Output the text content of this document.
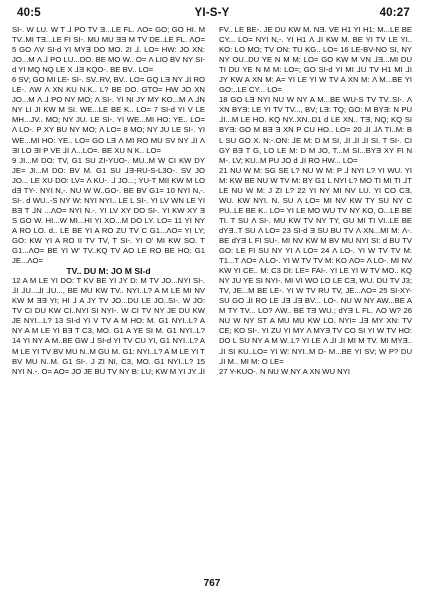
40:5	YI-S-Y	40:27

SI-. W LU. W T ⅃ PO TV Ǝ...LE FL. ΛO= GO; GO HI. M TV..MI TƎ...LE FI SI-. MU MU ƎƎ M TV DE..LE FL. ΛO= 5 GO ΛV SI-d YI MYƎ DO MO. 2I ⅃. LO= HW: JO XN: JO...M Λ ⅃ PO LU...DO. BE MO W.. O= Λ LIO BV NY SI-d YI MQ NQ LE X ⅃Ǝ KQO-. BE BV.. LO=

6 SV; GO MI LE- SI-. SV..RV, BV.. LO= GQ LƎ NY ⅃I RO LE-. ΛW Λ XN KU N.K.. L? BE DO. GTO= HW JO XN JO...M Λ ⅃ PO NY MO; Λ SI-. YI NI JY MY KO...M Λ ⅃N NY LI JI KW M SI. WE...LE BE K.. LO= 7 SI-d YI V LE MH...JV.. MO; NY JU. LE SI-. YI WE...MI HO: YE.. LO= Λ LO-. P XY BU NY MO; Λ LO= 8 MO; NY JU LE SI-. YI WE...MI HO: YE.. LO= GO LƎ Λ MI RO MU SV NY ⅃I Λ ƎI LO ƎI P VE ⅃I Λ...LO=. BE XU N K.. LO=

9 JI...M DO: TV, G1 SU ZI-YUO-. MU..M W CI KW DY JE= JI...M DO: BV M. G1 SU ⅃Ǝ-RU-S-L3O-. SV JO JO... LE XU DO: LV= Λ KU-. ⅃ JO...; YU-T MII KW M LO dƎ TY-. NYI N,-. NU W W..GO-. BE BV G1= 10 NYI N,-. SI-. d WU..-S NY W: NYI NYI.. LE L SI-. YI LV WN LE YI BƎ T ⅃N ...ΛO= NYI N.-. YI LV XY DO SI-. YI KW XY Ǝ S GO W. HI...W MI...HI YI XO...M DO LY. LO= 11 YI NY A RO LO. d.. LE BE YI A RO ZU TV C G1...ΛO= YI LY; GO: KW YI A RO II TV TV, T SI-. YI O' MI KW SO. T G1...ΛO= BE YI W' TV..KQ TV AO LE RO BE HO: G1 JE...ΛO=

TV.. DU M: JO M SI-d

12 A M LE YI DO: T KV BE YI JY D: M TV JO...NYI SI-. ⅃I ⅃U...⅃I ⅃U..., BE MU KW TV.. NYI..L? A M LE MI NV KW M ƎƎ YI; HI ⅃ A JY TV JO...DU LE JO..SI-. W JO: TV CI DU KW CI..NYI SI NYI-. W CI TV NY JE DU KW JE NYI...L? 13 SI-d YI V TV A M HO: M. G1 NYI..L? A NY A M LE YI BƎ T C3, MO. G1 A YE SI M. G1 NYI..L? 14 YI NY A M..BE GW ⅃ SI-d YI TV CU YI, G1 NYI..L? A M LE YI TV BV MU N..M GU M. G1: NYI..L? A M LE YI T BV MU N..M. G1 SI-. J ZI NI, C3, MO. G1 NYI..L? 15 NYI N.-. O= AO= JO JE BU TV NY B: LU; KW M YI JY ⅃I

FV.. LE BE-. JE DU KW M. NƎ. VE H1 YI H1: M...LE BE CY... LO= NYI N,-. YI H1 Λ ⅃I KW M. BE YI TV LE YI.. KO: LO MO; TV ON: TU KG.. LO= 16 LE-BV-NO SI, NY NY OU..DU YE N M M: LO= GO KW M VN ⅃Ǝ...MI DU TI DU YE N M M: LO=; GO SI-d YI MI ⅃U TV H1 MI ⅃I JY KW A XN M: A= YI LE YI W TV A XN M: Λ M...BE YI GO:..LE CY... LO=

18 GO LƎ NYI NU W NY A M...BE WU-S TV TV..SI-. Λ XN BYƎ: LE YI TV TV..., BV; LƎ: TQ; GO: M BYƎ: N PU ⅃I...M LE HO. KQ NY..XN..D1 d LE XN.. TƎ, NQ; KQ SI BYƎ: GO M BƎ Ǝ XN P CU HO.. LO= 20 ⅃I ⅃Λ TI..M: B L SU GO X. N:-.ON: ⅃E M: D M SI, ⅃I ⅃I ⅃I SI. T SI-. CI GY BƎ T G, LO LE M: D M JO, T...M SI...BYƎ XY FI N M-. LV; KU..M PU JO d ⅃I RO HW... LO=

21 NU W M: SG SE L? NU W M: P ⅃ NYI L? YI WU. YI M: KW BE NU W TV M: BY G1 L NYI L? MO TI MI TI ⅃T LE NU W M: J ZI L? 22 YI NY MI NV LU. YI CO CƎ, WU. KW NYI. N. SU Λ LO= MI NV KW TY SU NY C PU..LE BE K.. LO= YI LE MO WU TV NY KO, O...LE BE TI. T SU Λ SI-. MU KW TV NY TY, GU MI TI VI..LE BE dYƎ..T SU Λ LO= 23 SI-d Ǝ SU BU TV Λ XN...MI M: Λ-. BE dYƎ L FI SU-. MI NV KW M BV MU NYI SI: d BU TV GO: LE FI SU NY YI Λ LO= 24 Λ LO-. YI W TV TV M: T1...T ΛO= Λ LO-. YI W TV TV M: KO ΛO= Λ LO-. MI NV KW YI CE.. M: C3 DI: LE= FAI-. YI LE YI W TV MO.. KQ NY JU YE SI NYI-. MI VI WO LO LE CƎ, WU. DU TV J3; TV, JE...M BE LE-. YI W TV RU TV, JE...ΛO= 25 SI-XY-SU GO ⅃I RO LE ⅃Ǝ ⅃Ǝ BV... LO-. NU W NY AW...BE A M TY TV... LO? ΛW.. BE TƎ WU.; dYƎ L FL. ΛO W? 26 NU W NY ST A MU MU KW LO. NYI= ⅃Ǝ MY XN: TV CE; KO SI-. YI ZU YI MY Λ MYƎ TV CO SI YI W TV HO: DO L SU NY A M W..L? YI LE Λ ⅃I ⅃I MI M TV. MI MYƎ.. ⅃I SI KU..LO= YI W: NYI..M D- M...BE YI SV; W P? DU ⅃I M.. MI M: O LE=

27 Y-KUO-. N NU W NY A XN WU NYI

767
